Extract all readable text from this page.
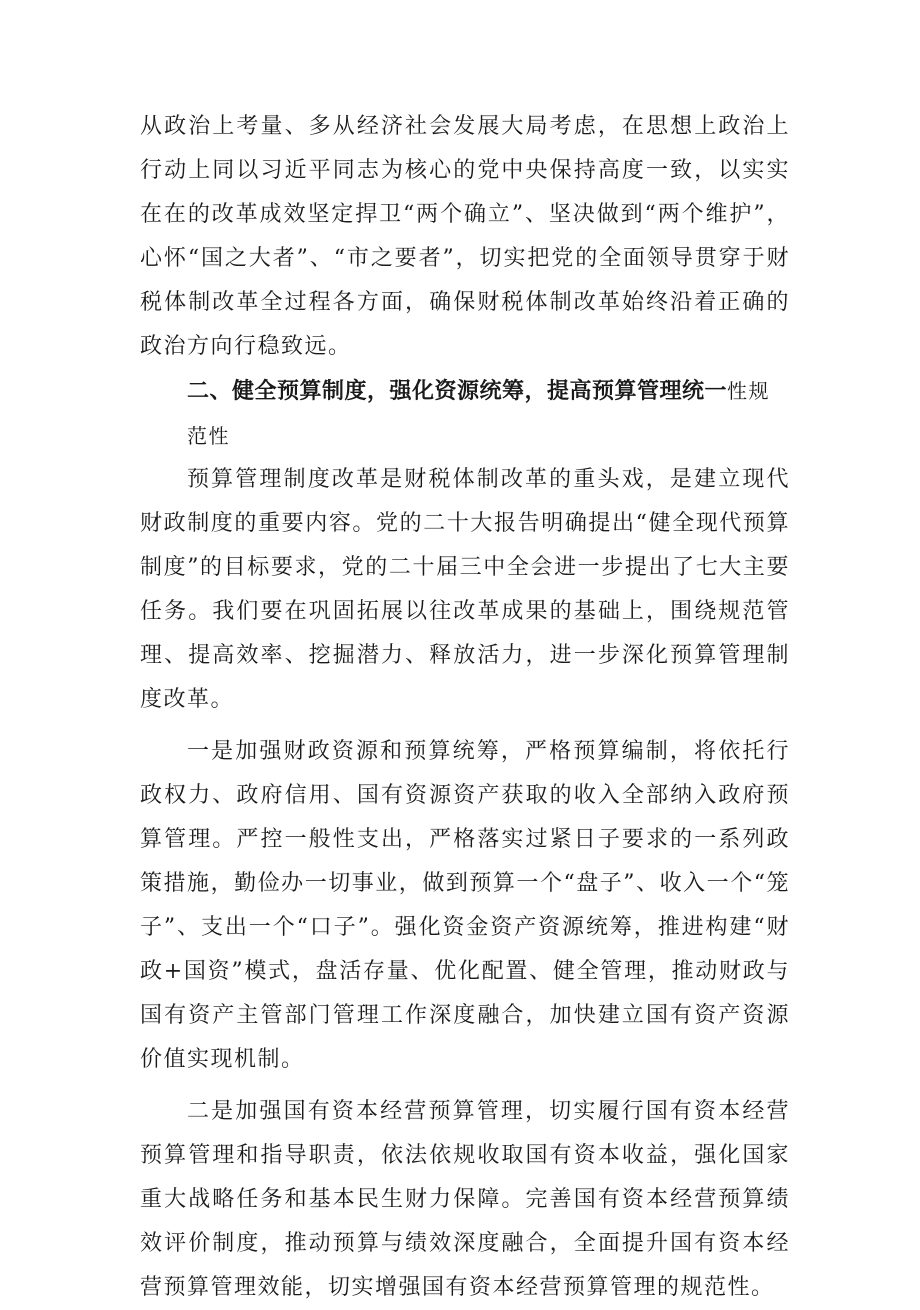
从政治上考量、多从经济社会发展大局考虑，在思想上政治上行动上同以习近平同志为核心的党中央保持高度一致，以实实在在的改革成效坚定捍卫“两个确立”、坚决做到“两个维护”，心怀“国之大者”、“市之要者”，切实把党的全面领导贯穿于财税体制改革全过程各方面，确保财税体制改革始终沿着正确的政治方向行稳致远。

二、健全预算制度，强化资源统筹，提高预算管理统一性规

范性

预算管理制度改革是财税体制改革的重头戏，是建立现代财政制度的重要内容。党的二十大报告明确提出“健全现代预算制度”的目标要求，党的二十届三中全会进一步提出了七大主要任务。我们要在巩固拓展以往改革成果的基础上，围绕规范管理、提高效率、挖掘潜力、释放活力，进一步深化预算管理制度改革。

一是加强财政资源和预算统筹，严格预算编制，将依托行政权力、政府信用、国有资源资产获取的收入全部纳入政府预算管理。严控一般性支出，严格落实过紧日子要求的一系列政策措施，勤俭办一切事业，做到预算一个“盘子”、收入一个“笼子”、支出一个“口子”。强化资金资产资源统筹，推进构建“财政+国资”模式，盘活存量、优化配置、健全管理，推动财政与国有资产主管部门管理工作深度融合，加快建立国有资产资源价值实现机制。

二是加强国有资本经营预算管理，切实履行国有资本经营预算管理和指导职责，依法依规收取国有资本收益，强化国家重大战略任务和基本民生财力保障。完善国有资本经营预算绩效评价制度，推动预算与绩效深度融合，全面提升国有资本经营预算管理效能，切实增强国有资本经营预算管理的规范性。
